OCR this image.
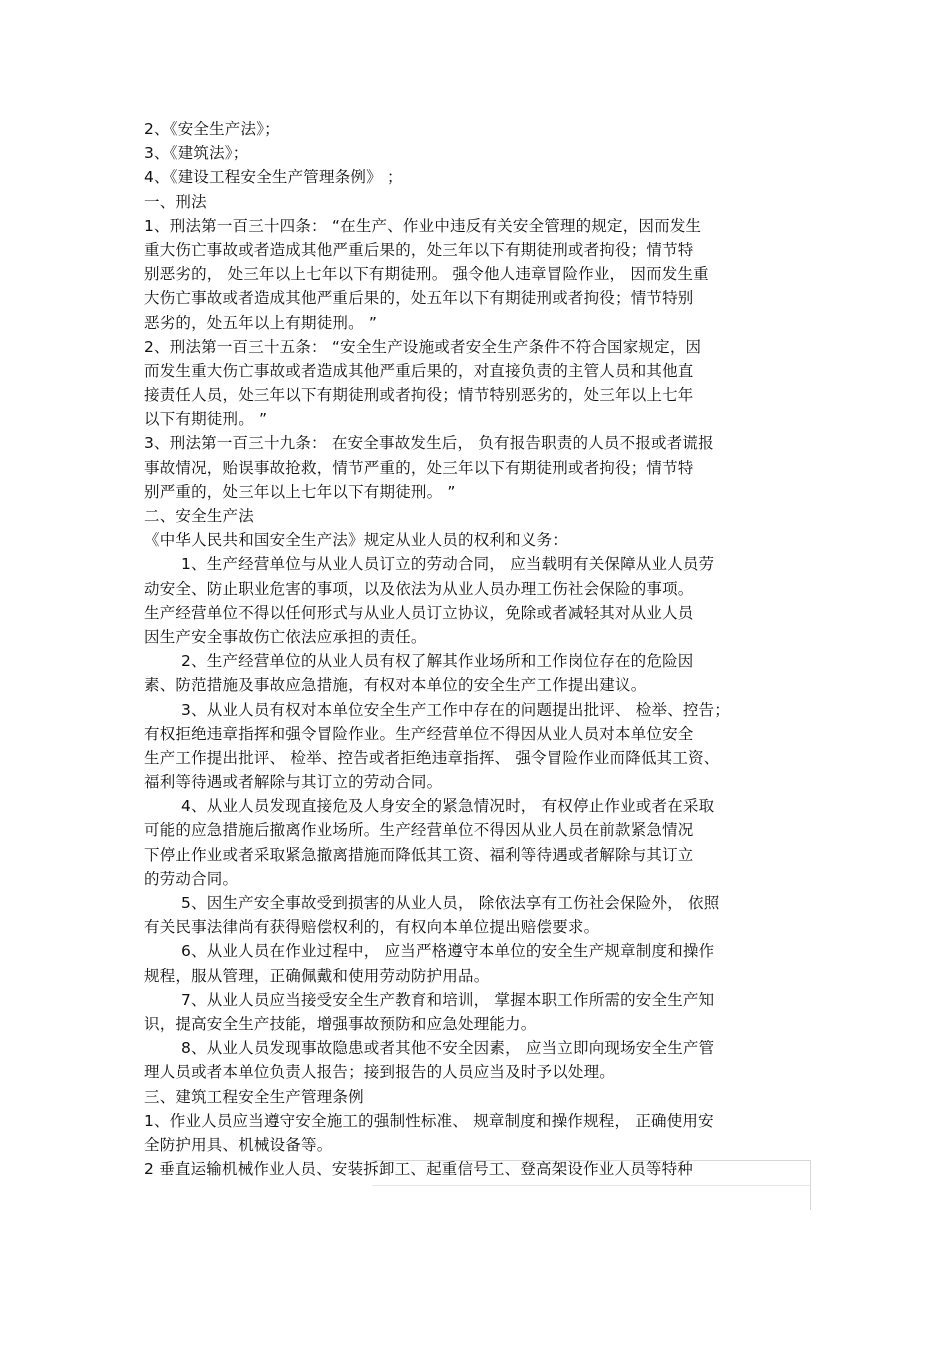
2、《安全生产法》；
3、《建筑法》；
4、《建设工程安全生产管理条例》 ；
一、刑法
1、刑法第一百三十四条： “在生产、作业中违反有关安全管理的规定，因而发生
重大伤亡事故或者造成其他严重后果的，处三年以下有期徒刑或者拘役；情节特
别恶劣的， 处三年以上七年以下有期徒刑。 强令他人违章冒险作业， 因而发生重
大伤亡事故或者造成其他严重后果的，处五年以下有期徒刑或者拘役；情节特别
恶劣的，处五年以上有期徒刑。 ”
2、刑法第一百三十五条： “安全生产设施或者安全生产条件不符合国家规定，因
而发生重大伤亡事故或者造成其他严重后果的，对直接负责的主管人员和其他直
接责任人员，处三年以下有期徒刑或者拘役；情节特别恶劣的，处三年以上七年
以下有期徒刑。 ”
3、刑法第一百三十九条： 在安全事故发生后， 负有报告职责的人员不报或者谎报
事故情况，贻误事故抢救，情节严重的，处三年以下有期徒刑或者拘役；情节特
别严重的，处三年以上七年以下有期徒刑。 ”
二、安全生产法
《中华人民共和国安全生产法》规定从业人员的权利和义务：
1、生产经营单位与从业人员订立的劳动合同， 应当载明有关保障从业人员劳
动安全、防止职业危害的事项，以及依法为从业人员办理工伤社会保险的事项。
生产经营单位不得以任何形式与从业人员订立协议，免除或者减轻其对从业人员
因生产安全事故伤亡依法应承担的责任。
2、生产经营单位的从业人员有权了解其作业场所和工作岗位存在的危险因
素、防范措施及事故应急措施，有权对本单位的安全生产工作提出建议。
3、从业人员有权对本单位安全生产工作中存在的问题提出批评、 检举、控告；
有权拒绝违章指挥和强令冒险作业。生产经营单位不得因从业人员对本单位安全
生产工作提出批评、 检举、控告或者拒绝违章指挥、 强令冒险作业而降低其工资、
福利等待遇或者解除与其订立的劳动合同。
4、从业人员发现直接危及人身安全的紧急情况时， 有权停止作业或者在采取
可能的应急措施后撤离作业场所。生产经营单位不得因从业人员在前款紧急情况
下停止作业或者采取紧急撤离措施而降低其工资、福利等待遇或者解除与其订立
的劳动合同。
5、因生产安全事故受到损害的从业人员， 除依法享有工伤社会保险外， 依照
有关民事法律尚有获得赔偿权利的，有权向本单位提出赔偿要求。
6、从业人员在作业过程中， 应当严格遵守本单位的安全生产规章制度和操作
规程，服从管理，正确佩戴和使用劳动防护用品。
7、从业人员应当接受安全生产教育和培训， 掌握本职工作所需的安全生产知
识，提高安全生产技能，增强事故预防和应急处理能力。
8、从业人员发现事故隐患或者其他不安全因素， 应当立即向现场安全生产管
理人员或者本单位负责人报告；接到报告的人员应当及时予以处理。
三、建筑工程安全生产管理条例
1、作业人员应当遵守安全施工的强制性标准、 规章制度和操作规程， 正确使用安
全防护用具、机械设备等。
2 垂直运输机械作业人员、安装拆卸工、起重信号工、登高架设作业人员等特种
